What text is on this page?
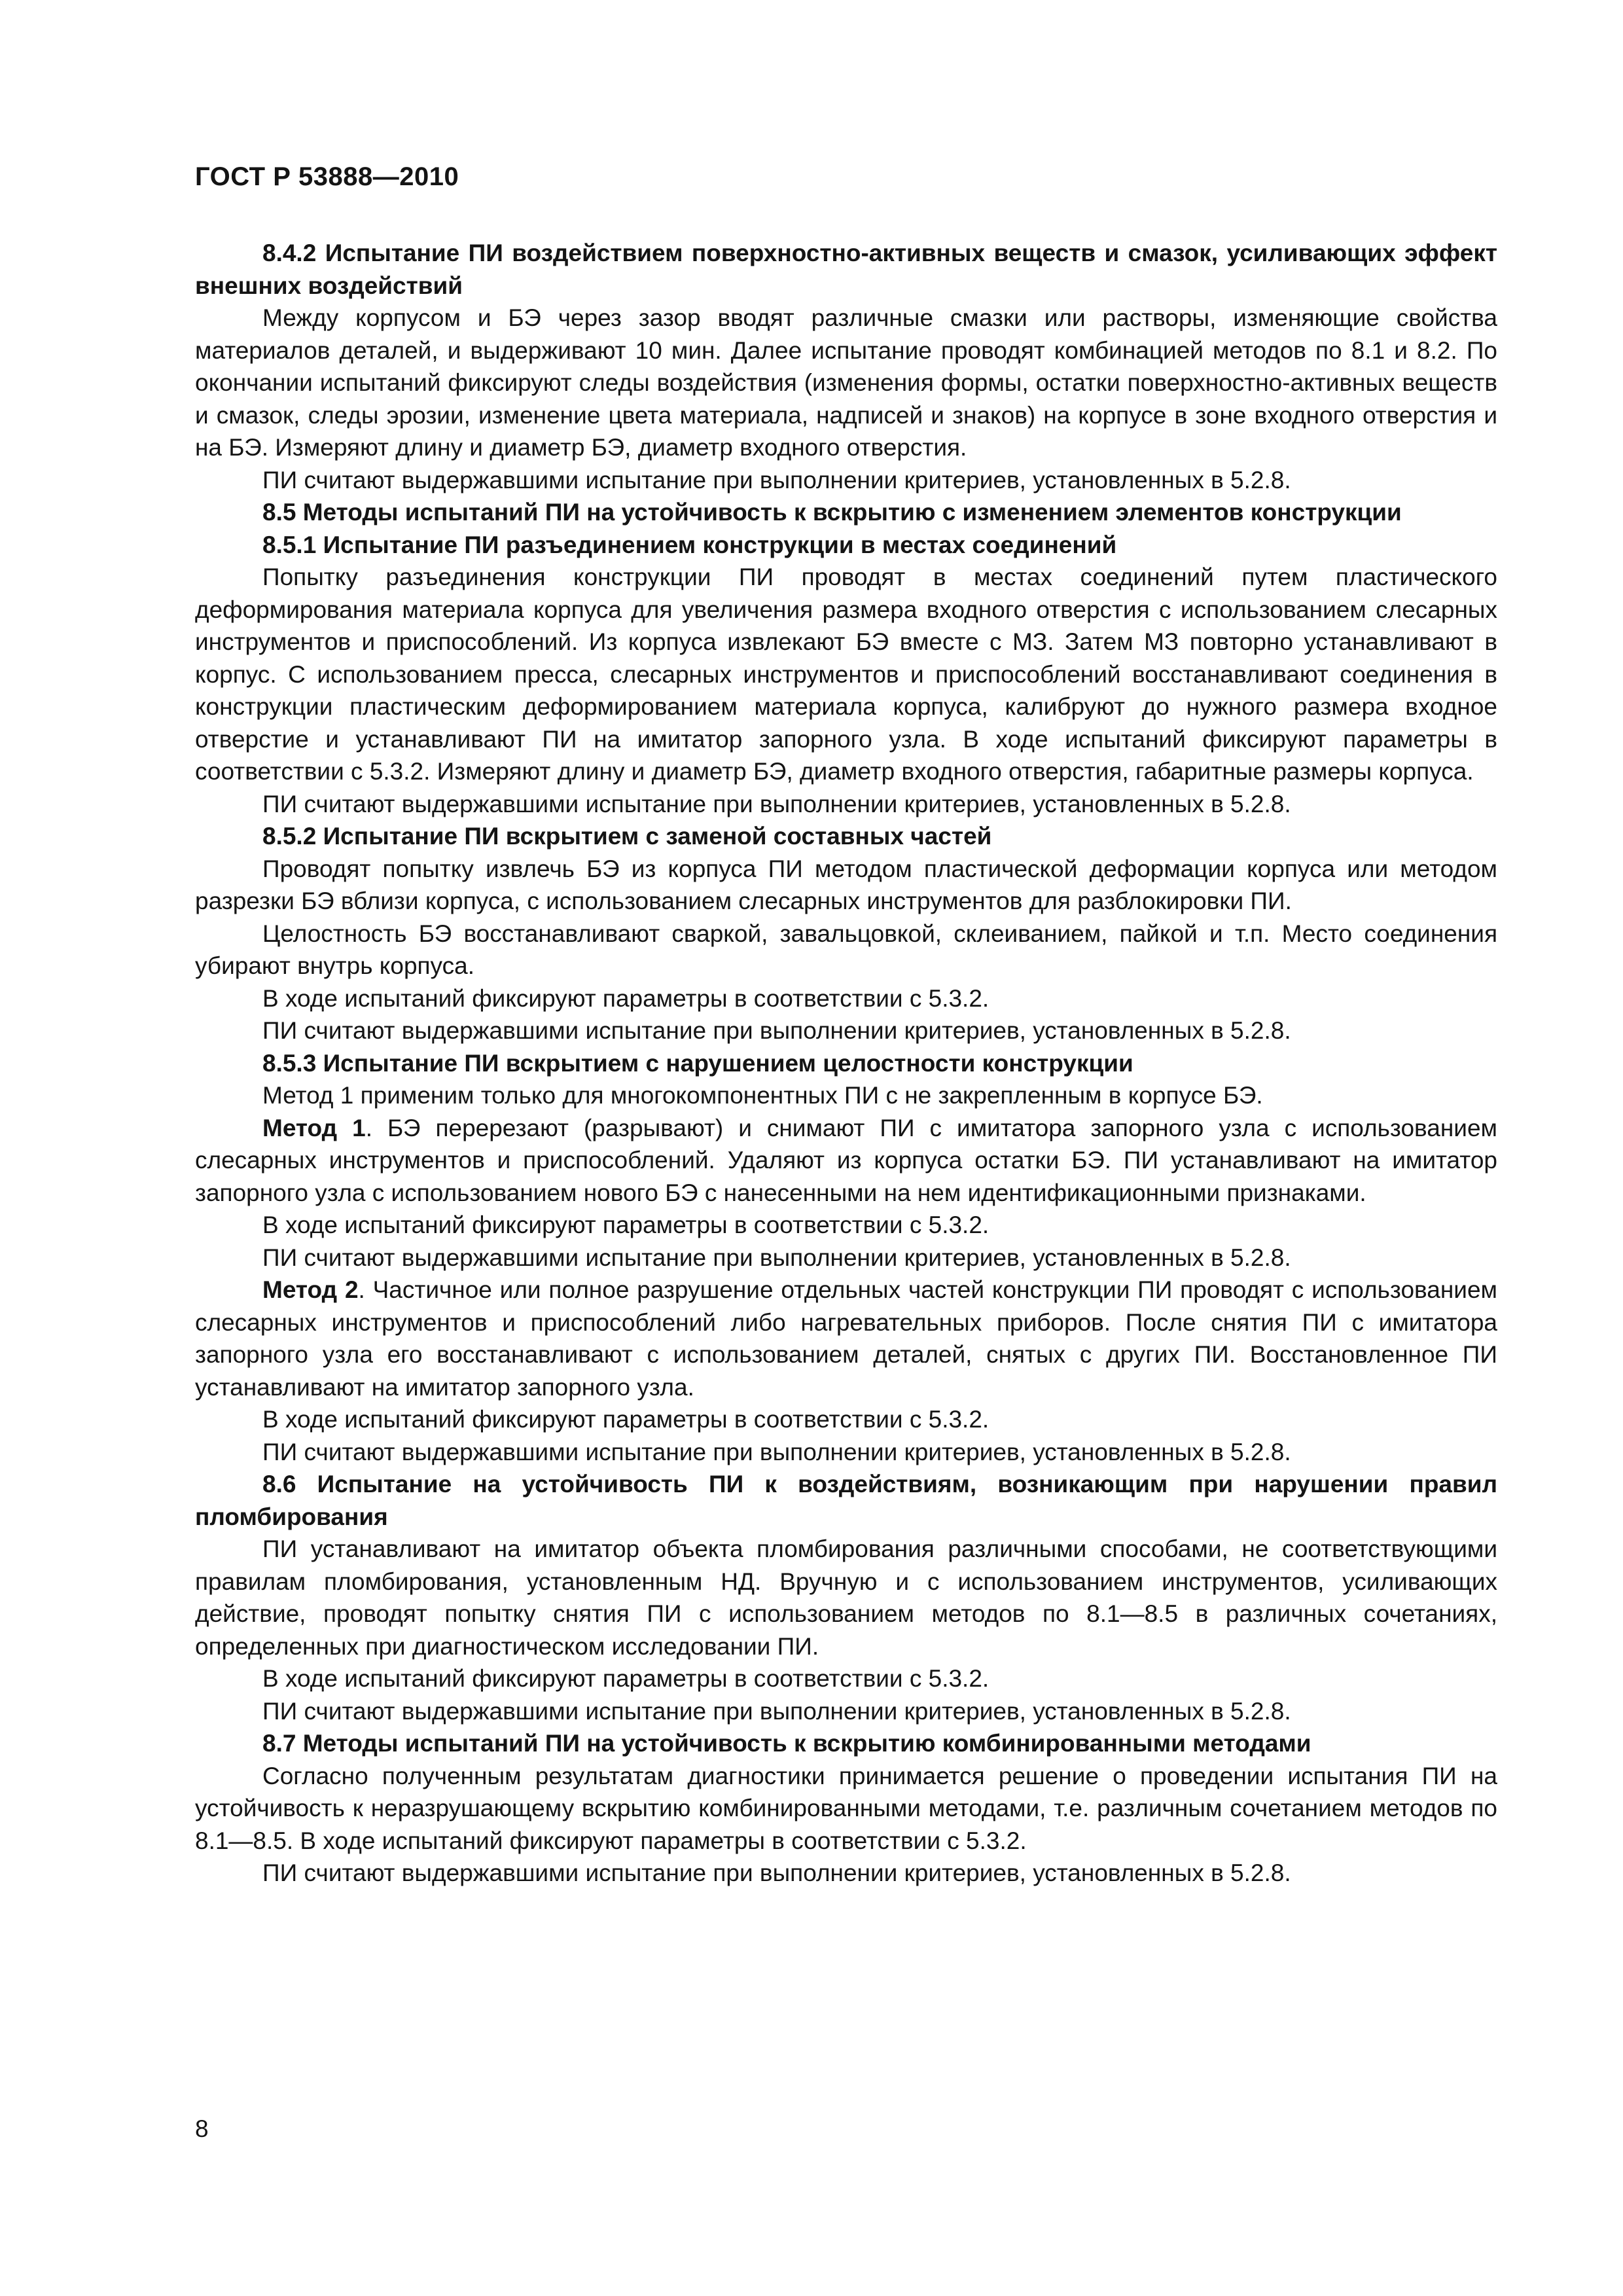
ГОСТ Р 53888—2010

8.4.2 Испытание ПИ воздействием поверхностно-активных веществ и смазок, усиливающих эффект внешних воздействий

Между корпусом и БЭ через зазор вводят различные смазки или растворы, изменяющие свойства материалов деталей, и выдерживают 10 мин. Далее испытание проводят комбинацией методов по 8.1 и 8.2. По окончании испытаний фиксируют следы воздействия (изменения формы, остатки поверхностно-активных веществ и смазок, следы эрозии, изменение цвета материала, надписей и знаков) на корпусе в зоне входного отверстия и на БЭ. Измеряют длину и диаметр БЭ, диаметр входного отверстия.

ПИ считают выдержавшими испытание при выполнении критериев, установленных в 5.2.8.

8.5 Методы испытаний ПИ на устойчивость к вскрытию с изменением элементов конструкции

8.5.1 Испытание ПИ разъединением конструкции в местах соединений

Попытку разъединения конструкции ПИ проводят в местах соединений путем пластического деформирования материала корпуса для увеличения размера входного отверстия с использованием слесарных инструментов и приспособлений. Из корпуса извлекают БЭ вместе с МЗ. Затем МЗ повторно устанавливают в корпус. С использованием пресса, слесарных инструментов и приспособлений восстанавливают соединения в конструкции пластическим деформированием материала корпуса, калибруют до нужного размера входное отверстие и устанавливают ПИ на имитатор запорного узла. В ходе испытаний фиксируют параметры в соответствии с 5.3.2. Измеряют длину и диаметр БЭ, диаметр входного отверстия, габаритные размеры корпуса.

ПИ считают выдержавшими испытание при выполнении критериев, установленных в 5.2.8.

8.5.2 Испытание ПИ вскрытием с заменой составных частей

Проводят попытку извлечь БЭ из корпуса ПИ методом пластической деформации корпуса или методом разрезки БЭ вблизи корпуса, с использованием слесарных инструментов для разблокировки ПИ.

Целостность БЭ восстанавливают сваркой, завальцовкой, склеиванием, пайкой и т.п. Место соединения убирают внутрь корпуса.

В ходе испытаний фиксируют параметры в соответствии с 5.3.2.

ПИ считают выдержавшими испытание при выполнении критериев, установленных в 5.2.8.

8.5.3 Испытание ПИ вскрытием с нарушением целостности конструкции

Метод 1 применим только для многокомпонентных ПИ с не закрепленным в корпусе БЭ.

Метод 1. БЭ перерезают (разрывают) и снимают ПИ с имитатора запорного узла с использованием слесарных инструментов и приспособлений. Удаляют из корпуса остатки БЭ. ПИ устанавливают на имитатор запорного узла с использованием нового БЭ с нанесенными на нем идентификационными признаками.

В ходе испытаний фиксируют параметры в соответствии с 5.3.2.

ПИ считают выдержавшими испытание при выполнении критериев, установленных в 5.2.8.

Метод 2. Частичное или полное разрушение отдельных частей конструкции ПИ проводят с использованием слесарных инструментов и приспособлений либо нагревательных приборов. После снятия ПИ с имитатора запорного узла его восстанавливают с использованием деталей, снятых с других ПИ. Восстановленное ПИ устанавливают на имитатор запорного узла.

В ходе испытаний фиксируют параметры в соответствии с 5.3.2.

ПИ считают выдержавшими испытание при выполнении критериев, установленных в 5.2.8.

8.6 Испытание на устойчивость ПИ к воздействиям, возникающим при нарушении правил пломбирования

ПИ устанавливают на имитатор объекта пломбирования различными способами, не соответствующими правилам пломбирования, установленным НД. Вручную и с использованием инструментов, усиливающих действие, проводят попытку снятия ПИ с использованием методов по 8.1—8.5 в различных сочетаниях, определенных при диагностическом исследовании ПИ.

В ходе испытаний фиксируют параметры в соответствии с 5.3.2.

ПИ считают выдержавшими испытание при выполнении критериев, установленных в 5.2.8.

8.7 Методы испытаний ПИ на устойчивость к вскрытию комбинированными методами

Согласно полученным результатам диагностики принимается решение о проведении испытания ПИ на устойчивость к неразрушающему вскрытию комбинированными методами, т.е. различным сочетанием методов по 8.1—8.5. В ходе испытаний фиксируют параметры в соответствии с 5.3.2.

ПИ считают выдержавшими испытание при выполнении критериев, установленных в 5.2.8.

8
